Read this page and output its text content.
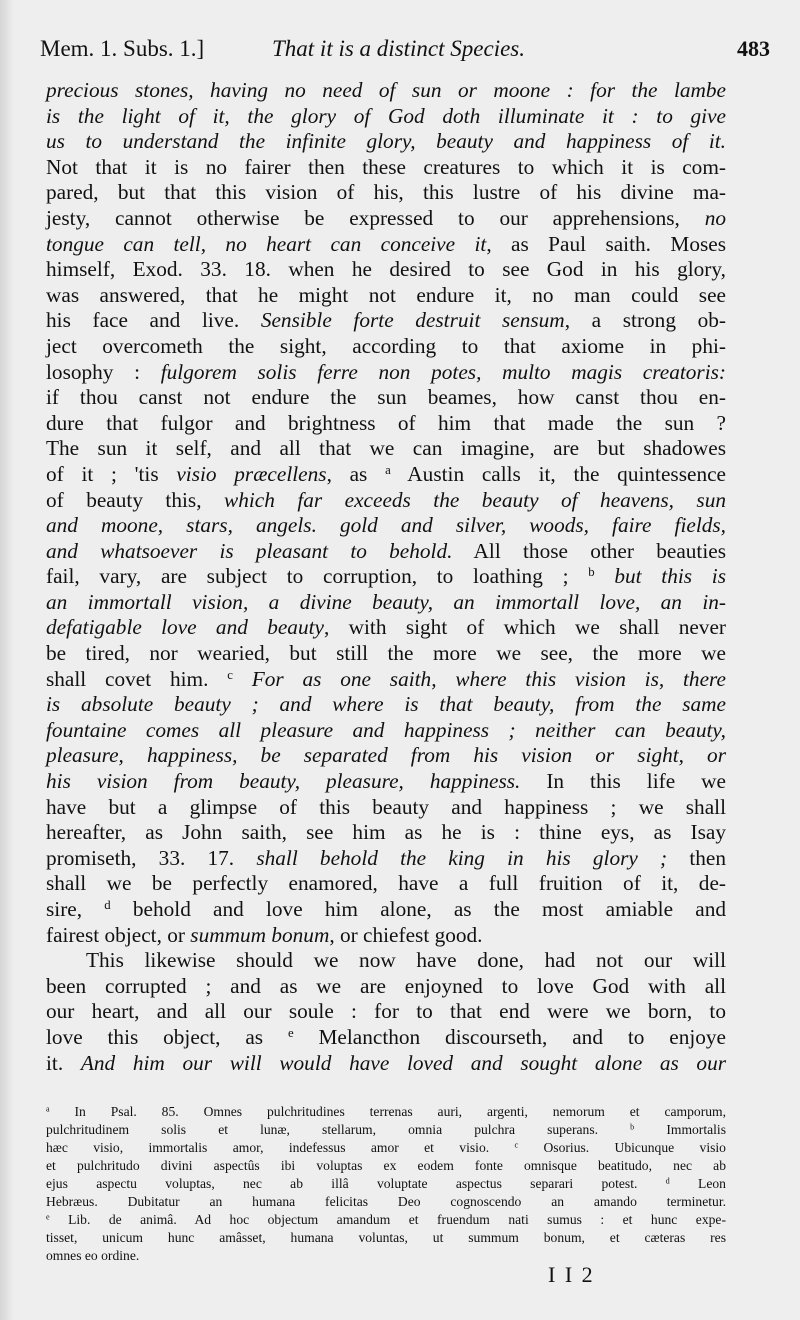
Mem. 1. Subs. 1.]	That it is a distinct Species.	483
precious stones, having no need of sun or moone : for the lambe
is the light of it, the glory of God doth illuminate it : to give
us to understand the infinite glory, beauty and happiness of it.
Not that it is no fairer then these creatures to which it is com-
pared, but that this vision of his, this lustre of his divine ma-
jesty, cannot otherwise be expressed to our apprehensions, no
tongue can tell, no heart can conceive it, as Paul saith. Moses
himself, Exod. 33. 18. when he desired to see God in his glory,
was answered, that he might not endure it, no man could see
his face and live. Sensible forte destruit sensum, a strong ob-
ject overcometh the sight, according to that axiome in phi-
losophy : fulgorem solis ferre non potes, multo magis creatoris:
if thou canst not endure the sun beames, how canst thou en-
dure that fulgor and brightness of him that made the sun ?
The sun it self, and all that we can imagine, are but shadowes
of it ; 'tis visio præcellens, as $^a$ Austin calls it, the quintessence
of beauty this, which far exceeds the beauty of heavens, sun
and moone, stars, angels. gold and silver, woods, faire fields,
and whatsoever is pleasant to behold. All those other beauties
fail, vary, are subject to corruption, to loathing ; $^b$ but this is
an immortall vision, a divine beauty, an immortall love, an in-
defatigable love and beauty, with sight of which we shall never
be tired, nor wearied, but still the more we see, the more we
shall covet him. $^c$ For as one saith, where this vision is, there
is absolute beauty ; and where is that beauty, from the same
fountaine comes all pleasure and happiness ; neither can beauty,
pleasure, happiness, be separated from his vision or sight, or
his vision from beauty, pleasure, happiness. In this life we
have but a glimpse of this beauty and happiness ; we shall
hereafter, as John saith, see him as he is : thine eys, as Isay
promiseth, 33. 17. shall behold the king in his glory ; then
shall we be perfectly enamored, have a full fruition of it, de-
sire, $^d$ behold and love him alone, as the most amiable and
fairest object, or summum bonum, or chiefest good.
This likewise should we now have done, had not our will
been corrupted ; and as we are enjoyned to love God with all
our heart, and all our soule : for to that end were we born, to
love this object, as $^e$ Melancthon discourseth, and to enjoye
it. And him our will would have loved and sought alone as our
$^a$ In Psal. 85. Omnes pulchritudines terrenas auri, argenti, nemorum et camporum,
pulchritudinem solis et lunæ, stellarum, omnia pulchra superans. $^b$ Immortalis
hæc visio, immortalis amor, indefessus amor et visio. $^c$ Osorius. Ubicunque visio
et pulchritudo divini aspectûs ibi voluptas ex eodem fonte omnisque beatitudo, nec ab
ejus aspectu voluptas, nec ab illâ voluptate aspectus separari potest. $^d$ Leon
Hebræus. Dubitatur an humana felicitas Deo cognoscendo an amando terminetur.
$^e$ Lib. de animâ. Ad hoc objectum amandum et fruendum nati sumus : et hunc expe-
tisset, unicum hunc amâsset, humana voluntas, ut summum bonum, et cæteras res
omnes eo ordine.
I I 2
